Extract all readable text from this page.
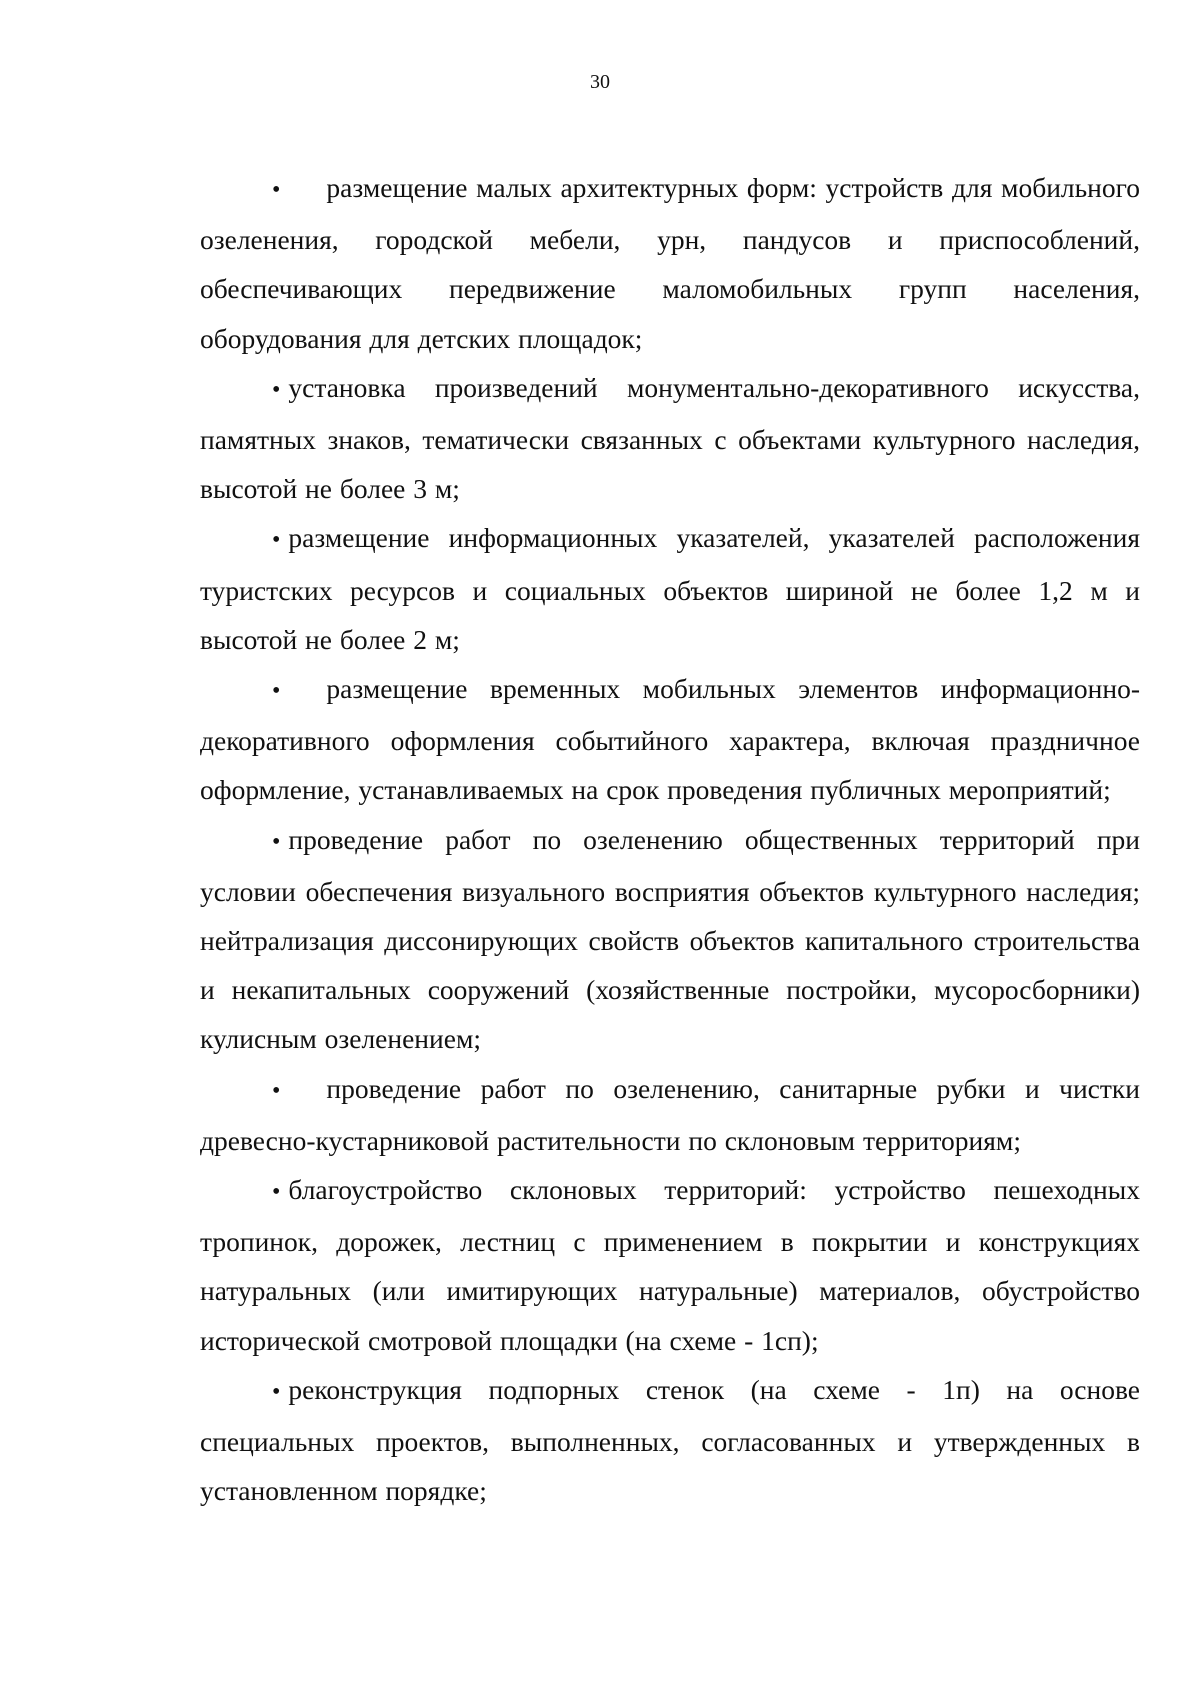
30

• размещение малых архитектурных форм: устройств для мобильного озеленения, городской мебели, урн, пандусов и приспособлений, обеспечивающих передвижение маломобильных групп населения, оборудования для детских площадок;

• установка произведений монументально-декоративного искусства, памятных знаков, тематически связанных с объектами культурного наследия, высотой не более 3 м;

• размещение информационных указателей, указателей расположения туристских ресурсов и социальных объектов шириной не более 1,2 м и высотой не более 2 м;

• размещение временных мобильных элементов информационно-декоративного оформления событийного характера, включая праздничное оформление, устанавливаемых на срок проведения публичных мероприятий;

• проведение работ по озеленению общественных территорий при условии обеспечения визуального восприятия объектов культурного наследия; нейтрализация диссонирующих свойств объектов капитального строительства и некапитальных сооружений (хозяйственные постройки, мусоросборники) кулисным озеленением;

• проведение работ по озеленению, санитарные рубки и чистки древесно-кустарниковой растительности по склоновым территориям;

• благоустройство склоновых территорий: устройство пешеходных тропинок, дорожек, лестниц с применением в покрытии и конструкциях натуральных (или имитирующих натуральные) материалов, обустройство исторической смотровой площадки (на схеме - 1сп);

• реконструкция подпорных стенок (на схеме - 1п) на основе специальных проектов, выполненных, согласованных и утвержденных в установленном порядке;
